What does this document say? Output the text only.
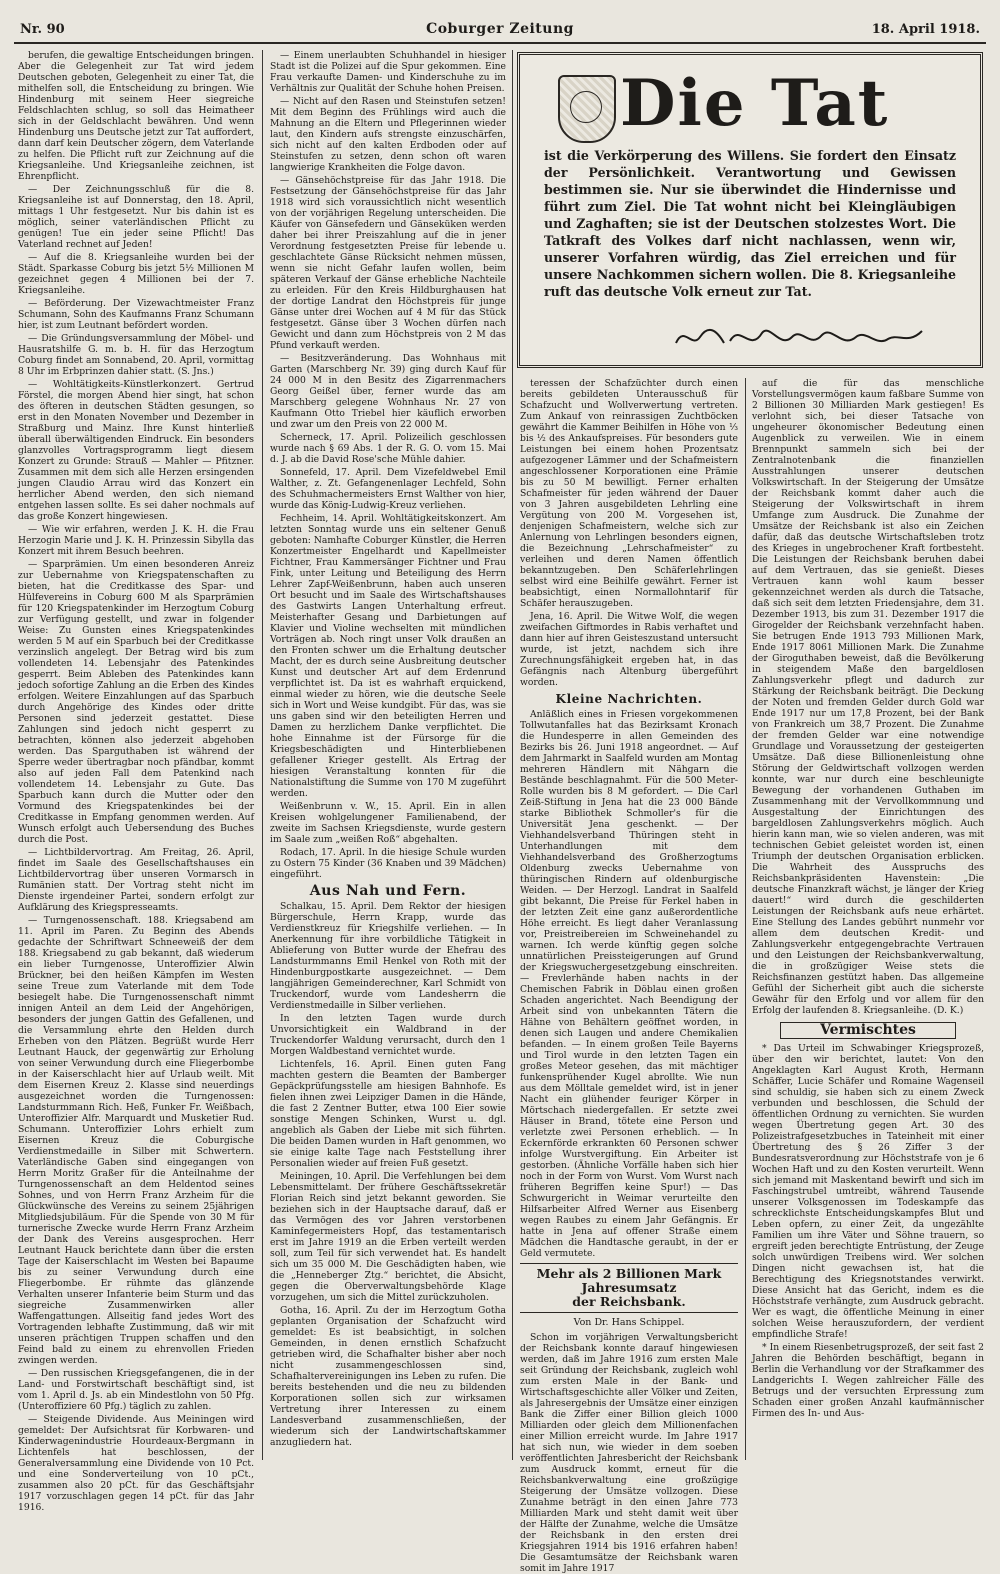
Nr. 90	Coburger Zeitung	18. April 1918.

berufen, die gewaltige Entscheidungen bringen. Aber die Gelegenheit zur Tat wird jedem Deutschen geboten, Gelegenheit zu einer Tat, die mithelfen soll, die Entscheidung zu bringen. Wie Hindenburg mit seinem Heer siegreiche Feldschlachten schlug, so soll das Heimatheer sich in der Geldschlacht bewähren. Und wenn Hindenburg uns Deutsche jetzt zur Tat auffordert, dann darf kein Deutscher zögern, dem Vaterlande zu helfen. Die Pflicht ruft zur Zeichnung auf die Kriegsanleihe. Und Kriegsanleihe zeichnen, ist Ehrenpflicht.

— Der Zeichnungsschluß für die 8. Kriegsanleihe ist auf Donnerstag, den 18. April, mittags 1 Uhr festgesetzt. Nur bis dahin ist es möglich, seiner vaterländischen Pflicht zu genügen! Tue ein jeder seine Pflicht! Das Vaterland rechnet auf Jeden!

— Auf die 8. Kriegsanleihe wurden bei der Städt. Sparkasse Coburg bis jetzt 5½ Millionen M gezeichnet gegen 4 Millionen bei der 7. Kriegsanleihe.

— Beförderung. Der Vizewachtmeister Franz Schumann, Sohn des Kaufmanns Franz Schumann hier, ist zum Leutnant befördert worden.

— Die Gründungsversammlung der Möbel- und Hausratshilfe G. m. b. H. für das Herzogtum Coburg findet am Sonnabend, 20. April, vormittag 8 Uhr im Erbprinzen dahier statt. (S. Jns.)

— Wohltätigkeits-Künstlerkonzert. Gertrud Förstel, die morgen Abend hier singt, hat schon des öfteren in deutschen Städten gesungen, so erst in den Monaten November und Dezember in Straßburg und Mainz. Ihre Kunst hinterließ überall überwältigenden Eindruck. Ein besonders glanzvolles Vortragsprogramm liegt diesem Konzert zu Grunde: Strauß — Mahler — Pfitzner. Zusammen mit dem sich alle Herzen ersingenden jungen Claudio Arrau wird das Konzert ein herrlicher Abend werden, den sich niemand entgehen lassen sollte. Es sei daher nochmals auf das große Konzert hingewiesen.

— Wie wir erfahren, werden J. K. H. die Frau Herzogin Marie und J. K. H. Prinzessin Sibylla das Konzert mit ihrem Besuch beehren.

— Sparprämien. Um einen besonderen Anreiz zur Uebernahme von Kriegspatenschaften zu bieten, hat die Creditkasse des Spar- und Hülfevereins in Coburg 600 M als Sparprämien für 120 Kriegspatenkinder im Herzogtum Coburg zur Verfügung gestellt, und zwar in folgender Weise: Zu Gunsten eines Kriegspatenkindes werden 5 M auf ein Sparbuch bei der Creditkasse verzinslich angelegt. Der Betrag wird bis zum vollendeten 14. Lebensjahr des Patenkindes gesperrt. Beim Ableben des Patenkindes kann jedoch sofortige Zahlung an die Erben des Kindes erfolgen. Weitere Einzahlungen auf das Sparbuch durch Angehörige des Kindes oder dritte Personen sind jederzeit gestattet. Diese Zahlungen sind jedoch nicht gesperrt zu betrachten, können also jederzeit abgehoben werden. Das Sparguthaben ist während der Sperre weder übertragbar noch pfändbar, kommt also auf jeden Fall dem Patenkind nach vollendetem 14. Lebensjahr zu Gute. Das Sparbuch kann durch die Mutter oder den Vormund des Kriegspatenkindes bei der Creditkasse in Empfang genommen werden. Auf Wunsch erfolgt auch Uebersendung des Buches durch die Post.

— Lichtbildervortrag. Am Freitag, 26. April, findet im Saale des Gesellschaftshauses ein Lichtbildervortrag über unseren Vormarsch in Rumänien statt. Der Vortrag steht nicht im Dienste irgendeiner Partei, sondern erfolgt zur Aufklärung des Kriegspresseamts.

— Turngenossenschaft. 188. Kriegsabend am 11. April im Paren. Zu Beginn des Abends gedachte der Schriftwart Schneeweiß der dem 188. Kriegsabend zu gab bekannt, daß wiederum ein lieber Turngenosse, Unteroffizier Alwin Brückner, bei den heißen Kämpfen im Westen seine Treue zum Vaterlande mit dem Tode besiegelt habe. Die Turngenossenschaft nimmt innigen Anteil an dem Leid der Angehörigen, besonders der jungen Gattin des Gefallenen, und die Versammlung ehrte den Helden durch Erheben von den Plätzen. Begrüßt wurde Herr Leutnant Hauck, der gegenwärtig zur Erholung von seiner Verwundung durch eine Fliegerbombe in der Kaiserschlacht hier auf Urlaub weilt. Mit dem Eisernen Kreuz 2. Klasse sind neuerdings ausgezeichnet worden die Turngenossen: Landsturmmann Rich. Heß, Funker Fr. Weißbach, Unteroffizier Alfr. Marquardt und Musketier Rud. Schumann. Unteroffizier Lohrs erhielt zum Eisernen Kreuz die Coburgische Verdienstmedaille in Silber mit Schwertern. Vaterländische Gaben sind eingegangen von Herrn Moritz Graßer für die Anteilnahme der Turngenossenschaft an dem Heldentod seines Sohnes, und von Herrn Franz Arzheim für die Glückwünsche des Vereins zu seinem 25jährigen Mitgliedsjubiläum. Für die Spende von 30 M für turnerische Zwecke wurde Herrn Franz Arzheim der Dank des Vereins ausgesprochen. Herr Leutnant Hauck berichtete dann über die ersten Tage der Kaiserschlacht im Westen bei Bapaume bis zu seiner Verwundung durch eine Fliegerbombe. Er rühmte das glänzende Verhalten unserer Infanterie beim Sturm und das siegreiche Zusammenwirken aller Waffengattungen. Allseitig fand jedes Wort des Vortragenden lebhafte Zustimmung, daß wir mit unseren prächtigen Truppen schaffen und den Feind bald zu einem zu ehrenvollen Frieden zwingen werden.

— Den russischen Kriegsgefangenen, die in der Land- und Forstwirtschaft beschäftigt sind, ist vom 1. April d. Js. ab ein Mindestlohn von 50 Pfg. (Unteroffiziere 60 Pfg.) täglich zu zahlen.

— Steigende Dividende. Aus Meiningen wird gemeldet: Der Aufsichtsrat für Korbwaren- und Kinderwagenindustrie Hourdeaux-Bergmann in Lichtenfels hat beschlossen, der Generalversammlung eine Dividende von 10 Pct. und eine Sonderverteilung von 10 pCt., zusammen also 20 pCt. für das Geschäftsjahr 1917 vorzuschlagen gegen 14 pCt. für das Jahr 1916.

— Einem unerlaubten Schuhhandel in hiesiger Stadt ist die Polizei auf die Spur gekommen. Eine Frau verkaufte Damen- und Kinderschuhe zu im Verhältnis zur Qualität der Schuhe hohen Preisen.

— Nicht auf den Rasen und Steinstufen setzen! Mit dem Beginn des Frühlings wird auch die Mahnung an die Eltern und Pflegerinnen wieder laut, den Kindern aufs strengste einzuschärfen, sich nicht auf den kalten Erdboden oder auf Steinstufen zu setzen, denn schon oft waren langwierige Krankheiten die Folge davon.

— Gänsehöchstpreise für das Jahr 1918. Die Festsetzung der Gänsehöchstpreise für das Jahr 1918 wird sich voraussichtlich nicht wesentlich von der vorjährigen Regelung unterscheiden. Die Käufer von Gänsefedern und Gänseküken werden daher bei ihrer Preiszahlung auf die in jener Verordnung festgesetzten Preise für lebende u. geschlachtete Gänse Rücksicht nehmen müssen, wenn sie nicht Gefahr laufen wollen, beim späteren Verkauf der Gänse erhebliche Nachteile zu erleiden. Für den Kreis Hildburghausen hat der dortige Landrat den Höchstpreis für junge Gänse unter drei Wochen auf 4 M für das Stück festgesetzt. Gänse über 3 Wochen dürfen nach Gewicht und dann zum Höchstpreis von 2 M das Pfund verkauft werden.

— Besitzveränderung. Das Wohnhaus mit Garten (Marschberg Nr. 39) ging durch Kauf für 24 000 M in den Besitz des Zigarrenmachers Georg Geißel über, ferner wurde das am Marschberg gelegene Wohnhaus Nr. 27 von Kaufmann Otto Triebel hier käuflich erworben und zwar um den Preis von 22 000 M.

Scherneck, 17. April. Polizeilich geschlossen wurde nach § 69 Abs. 1 der R. G. O. vom 15. Mai d. J. ab die David Rose'sche Mühle dahier.

Sonnefeld, 17. April. Dem Vizefeldwebel Emil Walther, z. Zt. Gefangenenlager Lechfeld, Sohn des Schuhmachermeisters Ernst Walther von hier, wurde das König-Ludwig-Kreuz verliehen.

Fechheim, 14. April. Wohltätigkeitskonzert. Am letzten Sonntag wurde uns ein seltener Genuß geboten: Namhafte Coburger Künstler, die Herren Konzertmeister Engelhardt und Kapellmeister Fichtner, Frau Kammersänger Fichtner und Frau Fink, unter Leitung und Beteiligung des Herrn Lehrer Zapf-Weißenbrunn, haben auch unseren Ort besucht und im Saale des Wirtschaftshauses des Gastwirts Langen Unterhaltung erfreut. Meisterhafter Gesang und Darbietungen auf Klavier und Violine wechselten mit mündlichen Vorträgen ab. Noch ringt unser Volk draußen an den Fronten schwer um die Erhaltung deutscher Macht, der es durch seine Ausbreitung deutscher Kunst und deutscher Art auf dem Erdenrund verpflichtet ist. Da ist es wahrhaft erquickend, einmal wieder zu hören, wie die deutsche Seele sich in Wort und Weise kundgibt. Für das, was sie uns gaben sind wir den beteiligten Herren und Damen zu herzlichem Danke verpflichtet. Die hohe Einnahme ist der Fürsorge für die Kriegsbeschädigten und Hinterbliebenen gefallener Krieger gestellt. Als Ertrag der hiesigen Veranstaltung konnten für die Nationalstiftung die Summe von 170 M zugeführt werden.

Weißenbrunn v. W., 15. April. Ein in allen Kreisen wohlgelungener Familienabend, der zweite im Sachsen Kriegsdienste, wurde gestern im Saale zum „weißen Roß“ abgehalten.

Rodach, 17. April. In die hiesige Schule wurden zu Ostern 75 Kinder (36 Knaben und 39 Mädchen) eingeführt.

Aus Nah und Fern.

Schalkau, 15. April. Dem Rektor der hiesigen Bürgerschule, Herrn Krapp, wurde das Verdienstkreuz für Kriegshilfe verliehen. — In Anerkennung für ihre vorbildliche Tätigkeit in Ablieferung von Butter wurde der Ehefrau des Landsturmmanns Emil Henkel von Roth mit der Hindenburgpostkarte ausgezeichnet. — Dem langjährigen Gemeinderechner, Karl Schmidt von Truckendorf, wurde vom Landesherrn die Verdienstmedaille in Silber verliehen.

In den letzten Tagen wurde durch Unvorsichtigkeit ein Waldbrand in der Truckendorfer Waldung verursacht, durch den 1 Morgen Waldbestand vernichtet wurde.

Lichtenfels, 16. April. Einen guten Fang machten gestern die Beamten der Bamberger Gepäckprüfungsstelle am hiesigen Bahnhofe. Es fielen ihnen zwei Leipziger Damen in die Hände, die fast 2 Zentner Butter, etwa 100 Eier sowie sonstige Mengen Schinken, Wurst u. dgl. angeblich als Gaben der Liebe mit sich führten. Die beiden Damen wurden in Haft genommen, wo sie einige kalte Tage nach Feststellung ihrer Personalien wieder auf freien Fuß gesetzt.

Meiningen, 10. April. Die Verfehlungen bei dem Lebensmittelamt. Der frühere Geschäftssekretär Florian Reich sind jetzt bekannt geworden. Sie beziehen sich in der Hauptsache darauf, daß er das Vermögen des vor Jahren verstorbenen Kaminfegermeisters Hopf, das testamentarisch erst im Jahre 1919 an die Erben verteilt werden soll, zum Teil für sich verwendet hat. Es handelt sich um 35 000 M. Die Geschädigten haben, wie die „Henneberger Ztg.“ berichtet, die Absicht, gegen die Oberverwaltungsbehörde Klage vorzugehen, um sich die Mittel zurückzuholen.

Gotha, 16. April. Zu der im Herzogtum Gotha geplanten Organisation der Schafzucht wird gemeldet: Es ist beabsichtigt, in solchen Gemeinden, in denen ernstlich Schafzucht getrieben wird, die Schafhalter bisher aber noch nicht zusammengeschlossen sind, Schafhaltervereinigungen ins Leben zu rufen. Die bereits bestehenden und die neu zu bildenden Korporationen sollen sich zur wirksamen Vertretung ihrer Interessen zu einem Landesverband zusammenschließen, der wiederum sich der Landwirtschaftskammer anzugliedern hat.

Die Tat
ist die Verkörperung des Willens. Sie fordert den Einsatz der Persönlichkeit. Verantwortung und Gewissen bestimmen sie. Nur sie überwindet die Hindernisse und führt zum Ziel. Die Tat wohnt nicht bei Kleingläubigen und Zaghaften; sie ist der Deutschen stolzestes Wort. Die Tatkraft des Volkes darf nicht nachlassen, wenn wir, unserer Vorfahren würdig, das Ziel erreichen und für unsere Nachkommen sichern wollen. Die 8. Kriegsanleihe ruft das deutsche Volk erneut zur Tat.

teressen der Schafzüchter durch einen bereits gebildeten Unterausschuß für Schafzucht und Wollverwertung vertreten. Zum Ankauf von reinrassigen Zuchtböcken gewährt die Kammer Beihilfen in Höhe von ⅓ bis ½ des Ankaufspreises. Für besonders gute Leistungen bei einem hohen Prozentsatz aufgezogener Lämmer und der Schafmeistern angeschlossener Korporationen eine Prämie bis zu 50 M bewilligt. Ferner erhalten Schafmeister für jeden während der Dauer von 3 Jahren ausgebildeten Lehrling eine Vergütung von 200 M. Vorgesehen ist, denjenigen Schafmeistern, welche sich zur Anlernung von Lehrlingen besonders eignen, die Bezeichnung „Lehrschafmeister“ zu verleihen und deren Namen öffentlich bekanntzugeben. Den Schäferlehrlingen selbst wird eine Beihilfe gewährt. Ferner ist beabsichtigt, einen Normallohntarif für Schäfer herauszugeben.

Jena, 16. April. Die Witwe Wolf, die wegen zweifachen Giftmordes in Rabis verhaftet und dann hier auf ihren Geisteszustand untersucht wurde, ist jetzt, nachdem sich ihre Zurechnungsfähigkeit ergeben hat, in das Gefängnis nach Altenburg übergeführt worden.

Kleine Nachrichten.

Anläßlich eines in Friesen vorgekommenen Tollwutanfalles hat das Bezirksamt Kronach die Hundesperre in allen Gemeinden des Bezirks bis 26. Juni 1918 angeordnet. — Auf dem Jahrmarkt in Saalfeld wurden am Montag mehreren Händlern mit Nähgarn die Bestände beschlagnahmt. Für die 500 Meter-Rolle wurden bis 8 M gefordert. — Die Carl Zeiß-Stiftung in Jena hat die 23 000 Bände starke Bibliothek Schmoller's für die Universität Jena geschenkt. — Der Viehhandelsverband Thüringen steht in Unterhandlungen mit dem Viehhandelsverband des Großherzogtums Oldenburg zwecks Uebernahme von thüringischen Rindern auf oldenburgische Weiden. — Der Herzogl. Landrat in Saalfeld gibt bekannt, Die Preise für Ferkel haben in der letzten Zeit eine ganz außerordentliche Höhe erreicht. Es liegt daher Veranlassung vor, Preistreibereien im Schweinehandel zu warnen. Ich werde künftig gegen solche unnatürlichen Preissteigerungen auf Grund der Kriegswuchergesetzgebung einschreiten. — Frevlerhände haben nachts in der Chemischen Fabrik in Döblau einen großen Schaden angerichtet. Nach Beendigung der Arbeit sind von unbekannten Tätern die Hähne von Behältern geöffnet worden, in denen sich Laugen und andere Chemikalien befanden. — In einem großen Teile Bayerns und Tirol wurde in den letzten Tagen ein großes Meteor gesehen, das mit mächtiger funkensprühender Kugel abrollte. Wie nun aus dem Mölltale gemeldet wird, ist in jener Nacht ein glühender feuriger Körper in Mörtschach niedergefallen. Er setzte zwei Häuser in Brand, tötete eine Person und verletzte zwei Personen erheblich. — In Eckernförde erkrankten 60 Personen schwer infolge Wurstvergiftung. Ein Arbeiter ist gestorben. (Ähnliche Vorfälle haben sich hier noch in der Form von Wurst. Vom Wurst nach früheren Begriffen keine Spur!) — Das Schwurgericht in Weimar verurteilte den Hilfsarbeiter Alfred Werner aus Eisenberg wegen Raubes zu einem Jahr Gefängnis. Er hatte in Jena auf offener Straße einem Mädchen die Handtasche geraubt, in der er Geld vermutete.

Mehr als 2 Billionen Mark Jahresumsatz
der Reichsbank.
Von Dr. Hans Schippel.

Schon im vorjährigen Verwaltungsbericht der Reichsbank konnte darauf hingewiesen werden, daß im Jahre 1916 zum ersten Male seit Gründung der Reichsbank, zugleich wohl zum ersten Male in der Bank- und Wirtschaftsgeschichte aller Völker und Zeiten, als Jahresergebnis der Umsätze einer einzigen Bank die Ziffer einer Billion gleich 1000 Milliarden oder gleich dem Millionenfachen einer Million erreicht wurde. Im Jahre 1917 hat sich nun, wie wieder in dem soeben veröffentlichten Jahresbericht der Reichsbank zum Ausdruck kommt, erneut für die Reichsbankverwaltung eine großzügige Steigerung der Umsätze vollzogen. Diese Zunahme beträgt in den einen Jahre 773 Milliarden Mark und steht damit weit über der Hälfte der Zunahme, welche die Umsätze der Reichsbank in den ersten drei Kriegsjahren 1914 bis 1916 erfahren haben! Die Gesamtumsätze der Reichsbank waren somit im Jahre 1917

auf die für das menschliche Vorstellungsvermögen kaum faßbare Summe von 2 Billionen 30 Milliarden Mark gestiegen! Es verlohnt sich, bei dieser Tatsache von ungeheurer ökonomischer Bedeutung einen Augenblick zu verweilen. Wie in einem Brennpunkt sammeln sich bei der Zentralnotenbank die finanziellen Ausstrahlungen unserer deutschen Volkswirtschaft. In der Steigerung der Umsätze der Reichsbank kommt daher auch die Steigerung der Volkswirtschaft in ihrem Umfange zum Ausdruck. Die Zunahme der Umsätze der Reichsbank ist also ein Zeichen dafür, daß das deutsche Wirtschaftsleben trotz des Krieges in ungebrochener Kraft fortbesteht. Die Leistungen der Reichsbank beruhen dabei auf dem Vertrauen, das sie genießt. Dieses Vertrauen kann wohl kaum besser gekennzeichnet werden als durch die Tatsache, daß sich seit dem letzten Friedensjahre, dem 31. Dezember 1913, bis zum 31. Dezember 1917 die Girogelder der Reichsbank verzehnfacht haben. Sie betrugen Ende 1913 793 Millionen Mark, Ende 1917 8061 Millionen Mark. Die Zunahme der Giroguthaben beweist, daß die Bevölkerung in steigendem Maße den bargeldlosen Zahlungsverkehr pflegt und dadurch zur Stärkung der Reichsbank beiträgt. Die Deckung der Noten und fremden Gelder durch Gold war Ende 1917 nur um 17,8 Prozent, bei der Bank von Frankreich um 38,7 Prozent. Die Zunahme der fremden Gelder war eine notwendige Grundlage und Voraussetzung der gesteigerten Umsätze. Daß diese Billionenleistung ohne Störung der Geldwirtschaft vollzogen werden konnte, war nur durch eine beschleunigte Bewegung der vorhandenen Guthaben im Zusammenhang mit der Vervollkommnung und Ausgestaltung der Einrichtungen des bargeldlosen Zahlungsverkehrs möglich. Auch hierin kann man, wie so vielen anderen, was mit technischen Gebiet geleistet worden ist, einen Triumph der deutschen Organisation erblicken. Die Wahrheit des Ausspruchs des Reichsbankpräsidenten Havenstein: „Die deutsche Finanzkraft wächst, je länger der Krieg dauert!“ wird durch die geschilderten Leistungen der Reichsbank aufs neue erhärtet. Eine Stellung des Landes gebührt nunmehr vor allem dem deutschen Kredit- und Zahlungsverkehr entgegengebrachte Vertrauen und den Leistungen der Reichsbankverwaltung, die in großzügiger Weise stets die Reichsfinanzen gestützt haben. Das allgemeine Gefühl der Sicherheit gibt auch die sicherste Gewähr für den Erfolg und vor allem für den Erfolg der laufenden 8. Kriegsanleihe. (D. K.)

Vermischtes

* Das Urteil im Schwabinger Kriegsprozeß, über den wir berichtet, lautet: Von den Angeklagten Karl August Kroth, Hermann Schäffer, Lucie Schäfer und Romaine Wagenseil sind schuldig, sie haben sich zu einem Zweck verbunden und beschlossen, die Schuld der öffentlichen Ordnung zu vernichten. Sie wurden wegen Übertretung gegen Art. 30 des Polizeistrafgesetzbuches in Tateinheit mit einer Übertretung des § 26 Ziffer 3 der Bundesratsverordnung zur Höchststrafe von je 6 Wochen Haft und zu den Kosten verurteilt. Wenn sich jemand mit Maskentand bewirft und sich im Faschingstrubel umtreibt, während Tausende unserer Volksgenossen im Todeskampfe das schrecklichste Entscheidungskampfes Blut und Leben opfern, zu einer Zeit, da ungezählte Familien um ihre Väter und Söhne trauern, so ergreift jeden berechtigte Entrüstung, der Zeuge solch unwürdigen Treibens wird. Wer solchen Dingen nicht gewachsen ist, hat die Berechtigung des Kriegsnotstandes verwirkt. Diese Ansicht hat das Gericht, indem es die Höchststrafe verhängte, zum Ausdruck gebracht. Wer es wagt, die öffentliche Meinung in einer solchen Weise herauszufordern, der verdient empfindliche Strafe!

* In einem Riesenbetrugsprozeß, der seit fast 2 Jahren die Behörden beschäftigt, begann in Berlin die Verhandlung vor der Strafkammer des Landgerichts I. Wegen zahlreicher Fälle des Betrugs und der versuchten Erpressung zum Schaden einer großen Anzahl kaufmännischer Firmen des In- und Aus-
